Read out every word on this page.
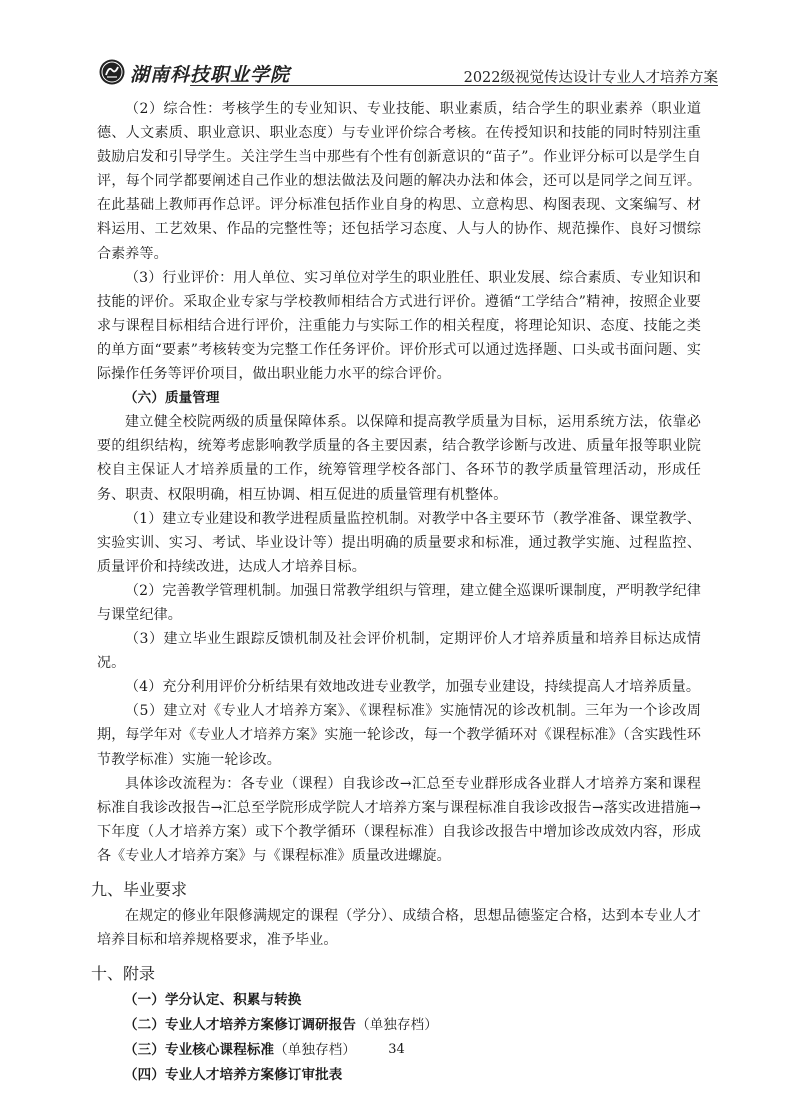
湖南科技职业学院	2022级视觉传达设计专业人才培养方案

（2）综合性：考核学生的专业知识、专业技能、职业素质，结合学生的职业素养（职业道德、人文素质、职业意识、职业态度）与专业评价综合考核。在传授知识和技能的同时特别注重鼓励启发和引导学生。关注学生当中那些有个性有创新意识的“苗子”。作业评分标可以是学生自评，每个同学都要阐述自己作业的想法做法及问题的解决办法和体会，还可以是同学之间互评。在此基础上教师再作总评。评分标准包括作业自身的构思、立意构思、构图表现、文案编写、材料运用、工艺效果、作品的完整性等；还包括学习态度、人与人的协作、规范操作、良好习惯综合素养等。

（3）行业评价：用人单位、实习单位对学生的职业胜任、职业发展、综合素质、专业知识和技能的评价。采取企业专家与学校教师相结合方式进行评价。遵循“工学结合”精神，按照企业要求与课程目标相结合进行评价，注重能力与实际工作的相关程度，将理论知识、态度、技能之类的单方面“要素”考核转变为完整工作任务评价。评价形式可以通过选择题、口头或书面问题、实际操作任务等评价项目，做出职业能力水平的综合评价。

（六）质量管理

建立健全校院两级的质量保障体系。以保障和提高教学质量为目标，运用系统方法，依靠必要的组织结构，统筹考虑影响教学质量的各主要因素，结合教学诊断与改进、质量年报等职业院校自主保证人才培养质量的工作，统筹管理学校各部门、各环节的教学质量管理活动，形成任务、职责、权限明确，相互协调、相互促进的质量管理有机整体。

（1）建立专业建设和教学进程质量监控机制。对教学中各主要环节（教学准备、课堂教学、实验实训、实习、考试、毕业设计等）提出明确的质量要求和标准，通过教学实施、过程监控、质量评价和持续改进，达成人才培养目标。

（2）完善教学管理机制。加强日常教学组织与管理，建立健全巡课听课制度，严明教学纪律与课堂纪律。

（3）建立毕业生跟踪反馈机制及社会评价机制，定期评价人才培养质量和培养目标达成情况。

（4）充分利用评价分析结果有效地改进专业教学，加强专业建设，持续提高人才培养质量。

（5）建立对《专业人才培养方案》、《课程标准》实施情况的诊改机制。三年为一个诊改周期，每学年对《专业人才培养方案》实施一轮诊改，每一个教学循环对《课程标准》（含实践性环节教学标准）实施一轮诊改。

具体诊改流程为：各专业（课程）自我诊改→汇总至专业群形成各业群人才培养方案和课程标准自我诊改报告→汇总至学院形成学院人才培养方案与课程标准自我诊改报告→落实改进措施→下年度（人才培养方案）或下个教学循环（课程标准）自我诊改报告中增加诊改成效内容，形成各《专业人才培养方案》与《课程标准》质量改进螺旋。

九、毕业要求

在规定的修业年限修满规定的课程（学分）、成绩合格，思想品德鉴定合格，达到本专业人才培养目标和培养规格要求，准予毕业。

十、附录

（一）学分认定、积累与转换

（二）专业人才培养方案修订调研报告（单独存档）

（三）专业核心课程标准（单独存档）

（四）专业人才培养方案修订审批表

34
